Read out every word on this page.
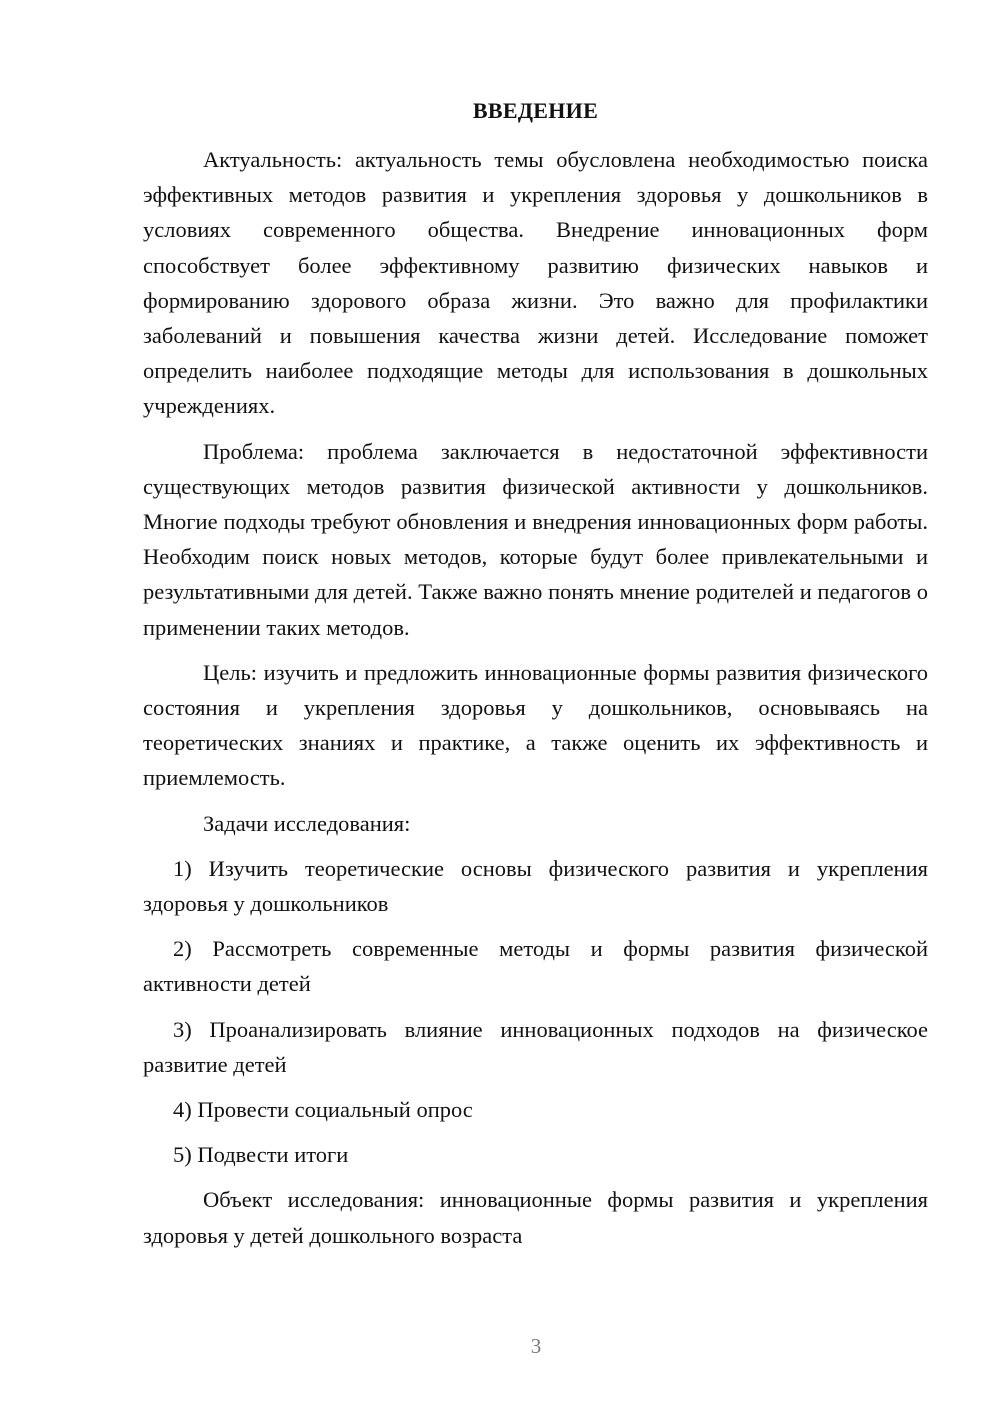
ВВЕДЕНИЕ

Актуальность: актуальность темы обусловлена необходимостью поиска эффективных методов развития и укрепления здоровья у дошкольников в условиях современного общества. Внедрение инновационных форм способствует более эффективному развитию физических навыков и формированию здорового образа жизни. Это важно для профилактики заболеваний и повышения качества жизни детей. Исследование поможет определить наиболее подходящие методы для использования в дошкольных учреждениях.

Проблема: проблема заключается в недостаточной эффективности существующих методов развития физической активности у дошкольников. Многие подходы требуют обновления и внедрения инновационных форм работы. Необходим поиск новых методов, которые будут более привлекательными и результативными для детей. Также важно понять мнение родителей и педагогов о применении таких методов.

Цель: изучить и предложить инновационные формы развития физического состояния и укрепления здоровья у дошкольников, основываясь на теоретических знаниях и практике, а также оценить их эффективность и приемлемость.

Задачи исследования:

1) Изучить теоретические основы физического развития и укрепления здоровья у дошкольников

2) Рассмотреть современные методы и формы развития физической активности детей

3) Проанализировать влияние инновационных подходов на физическое развитие детей

4) Провести социальный опрос

5) Подвести итоги

Объект исследования: инновационные формы развития и укрепления здоровья у детей дошкольного возраста

3
